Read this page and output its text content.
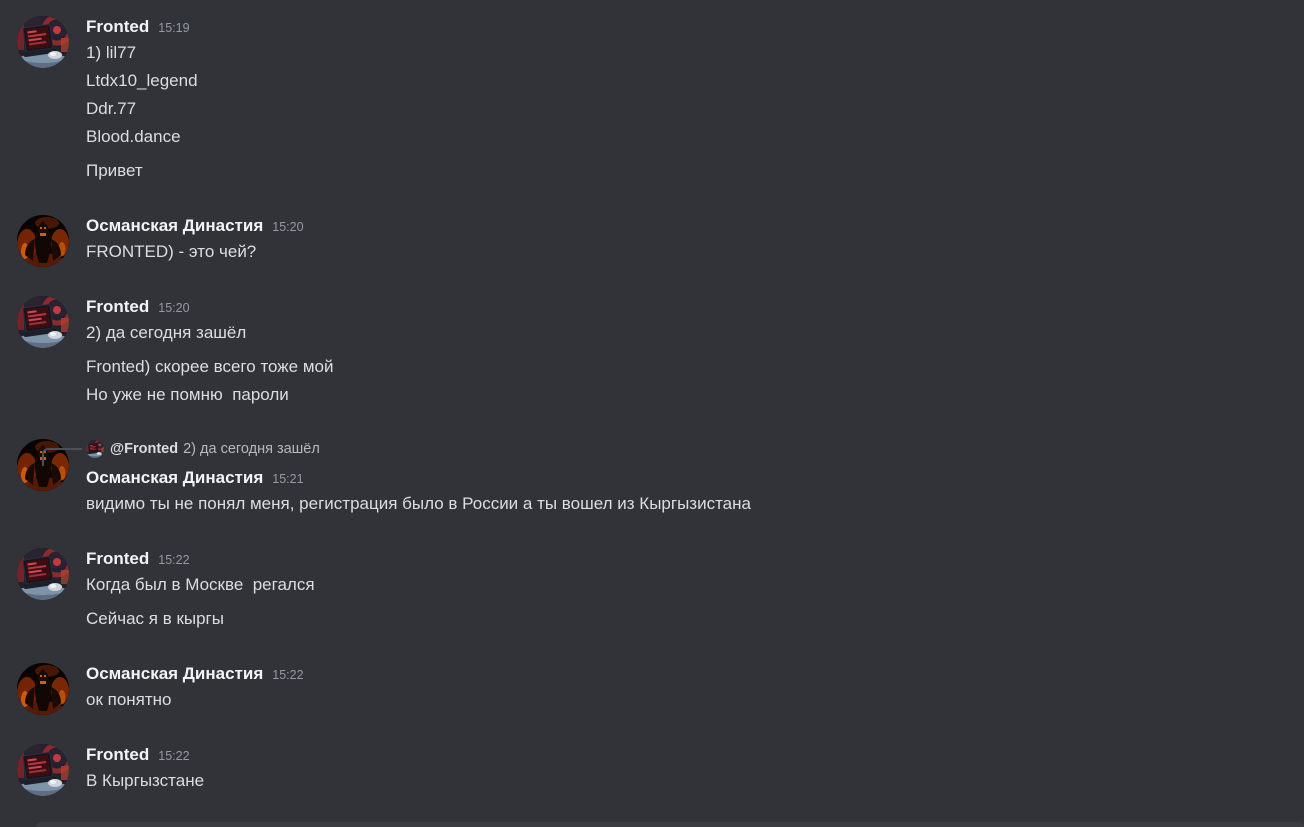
Fronted 15:19
1) lil77
Ltdx10_legend
Ddr.77
Blood.dance
Привет
Османская Династия 15:20
FRONTED) - это чей?
Fronted 15:20
2) да сегодня зашёл
Fronted) скорее всего тоже мой
Но уже не помню  пароли
@Fronted 2) да сегодня зашёл
Османская Династия 15:21
видимо ты не понял меня, регистрация было в России а ты вошел из Кыргызистана
Fronted 15:22
Когда был в Москве  регался
Сейчас я в кыргы
Османская Династия 15:22
ок понятно
Fronted 15:22
В Кыргызстане
